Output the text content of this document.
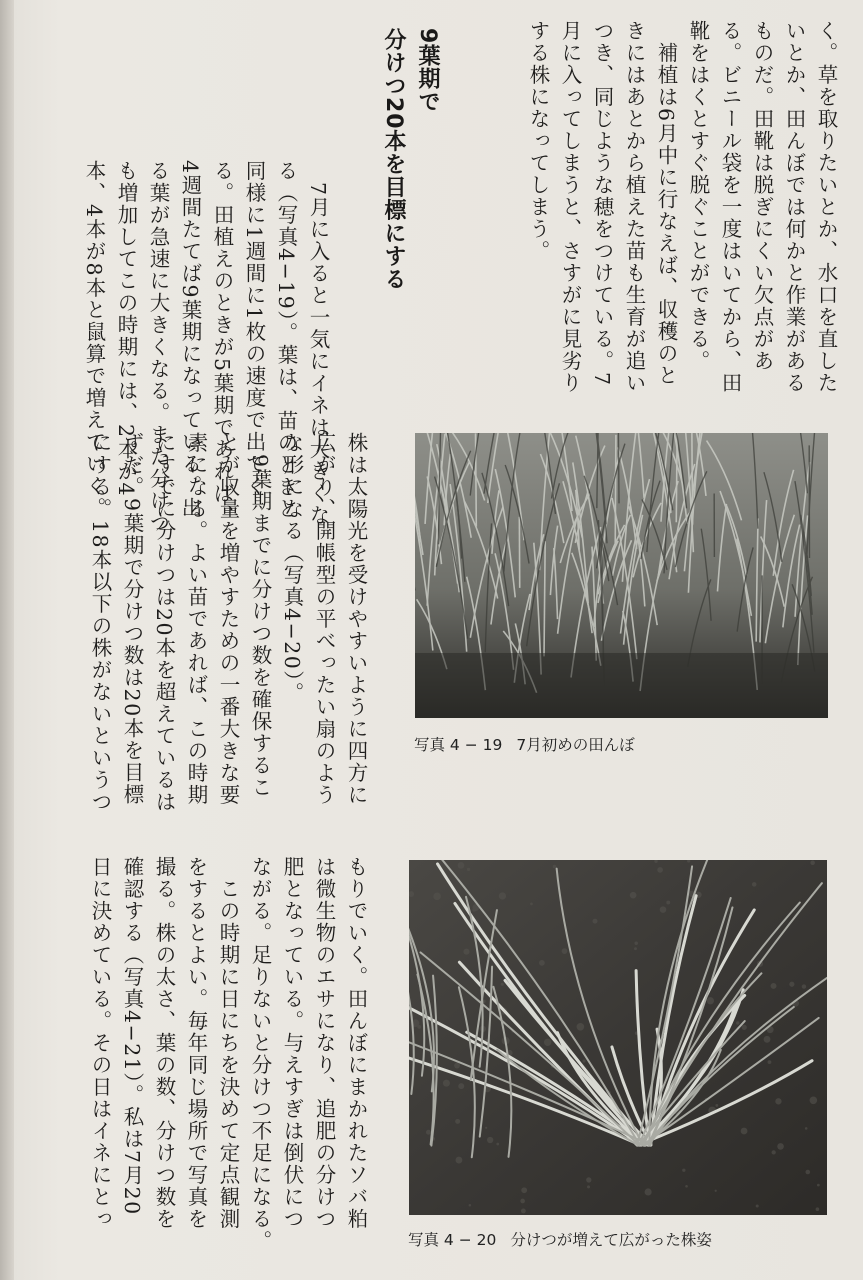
く。草を取りたいとか、水口を直した
いとか、田んぼでは何かと作業がある
ものだ。田靴は脱ぎにくい欠点があ
る。ビニール袋を一度はいてから、田
靴をはくとすぐ脱ぐことができる。
　補植は6月中に行なえば、収穫のと
きにはあとから植えた苗も生育が追い
つき、同じような穂をつけている。7
月に入ってしまうと、さすがに見劣り
する株になってしまう。
9葉期で
分けつ20本を目標にする
　7月に入ると一気にイネは大きくな
る（写真4−19）。葉は、苗のときと
同様に1週間に1枚の速度で出てく
る。田植えのときが5葉期であれば、
4週間たてば9葉期になっている。出
る葉が急速に大きくなる。また分けつ
も増加してこの時期には、2本が4
本、4本が8本と鼠算で増えていく。
株は太陽光を受けやすいように四方に
広がり、開帳型の平べったい扇のよう
な形になる（写真4−20）。
　9葉期までに分けつ数を確保するこ
とが収量を増やすための一番大きな要
素になる。よい苗であれば、この時期
にすでに分けつは20本を超えているは
ずだ。9葉期で分けつ数は20本を目標
にする。18本以下の株がないというつ
もりでいく。田んぼにまかれたソバ粕
は微生物のエサになり、追肥の分けつ
肥となっている。与えすぎは倒伏につ
ながる。足りないと分けつ不足になる。
　この時期に日にちを決めて定点観測
をするとよい。毎年同じ場所で写真を
撮る。株の太さ、葉の数、分けつ数を
確認する（写真4−21）。私は7月20
日に決めている。その日はイネにとっ
写真 4 − 19 7月初めの田んぼ
写真 4 − 20 分けつが増えて広がった株姿
